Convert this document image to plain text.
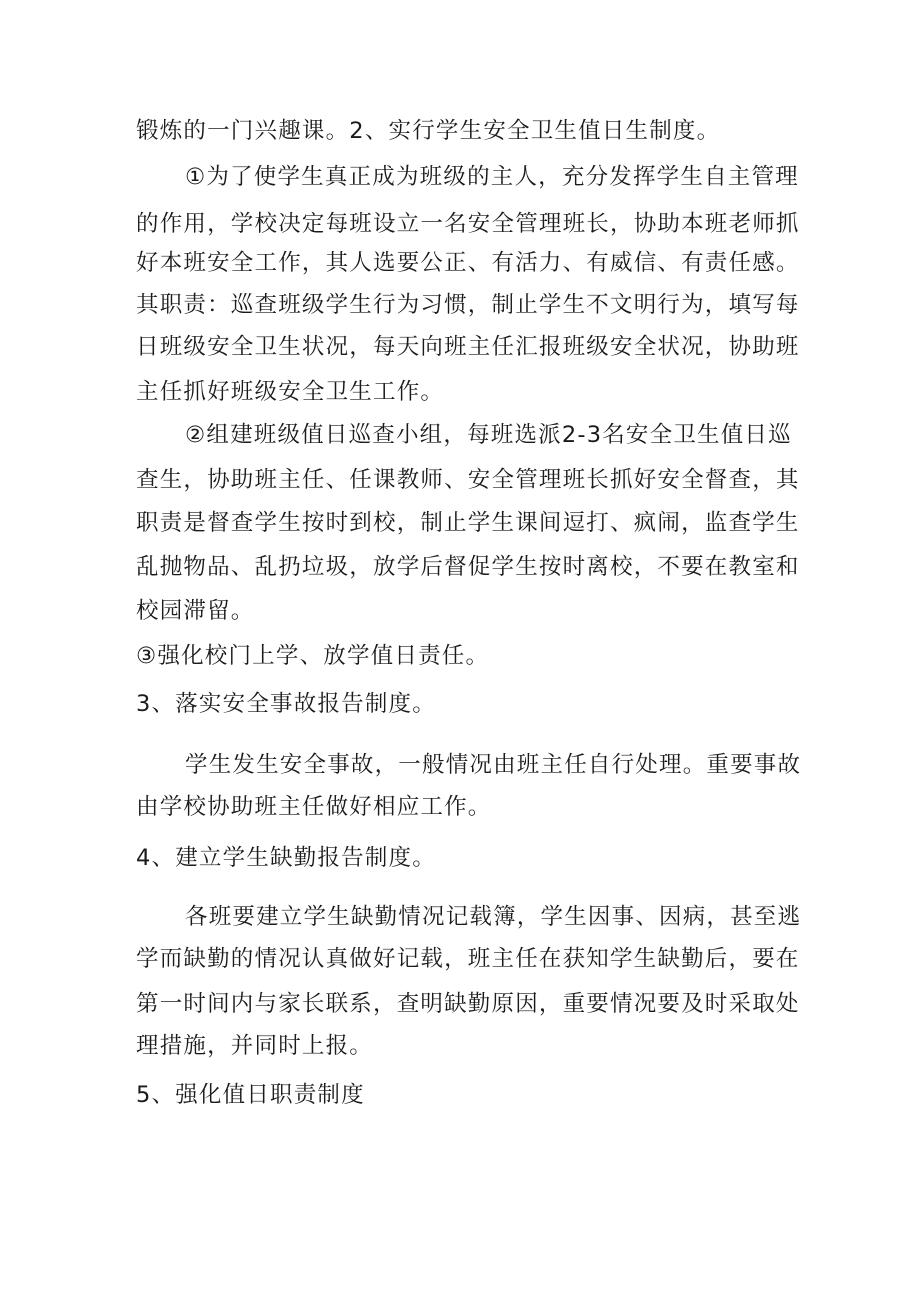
锻炼的一门兴趣课。2、实行学生安全卫生值日生制度。
①为了使学生真正成为班级的主人，充分发挥学生自主管理
的作用，学校决定每班设立一名安全管理班长，协助本班老师抓
好本班安全工作，其人选要公正、有活力、有威信、有责任感。
其职责：巡查班级学生行为习惯，制止学生不文明行为，填写每
日班级安全卫生状况，每天向班主任汇报班级安全状况，协助班
主任抓好班级安全卫生工作。
②组建班级值日巡查小组，每班选派2-3名安全卫生值日巡
查生，协助班主任、任课教师、安全管理班长抓好安全督查，其
职责是督查学生按时到校，制止学生课间逗打、疯闹，监查学生
乱抛物品、乱扔垃圾，放学后督促学生按时离校，不要在教室和
校园滞留。
③强化校门上学、放学值日责任。
3、落实安全事故报告制度。
学生发生安全事故，一般情况由班主任自行处理。重要事故
由学校协助班主任做好相应工作。
4、建立学生缺勤报告制度。
各班要建立学生缺勤情况记载簿，学生因事、因病，甚至逃
学而缺勤的情况认真做好记载，班主任在获知学生缺勤后，要在
第一时间内与家长联系，查明缺勤原因，重要情况要及时采取处
理措施，并同时上报。
5、强化值日职责制度
